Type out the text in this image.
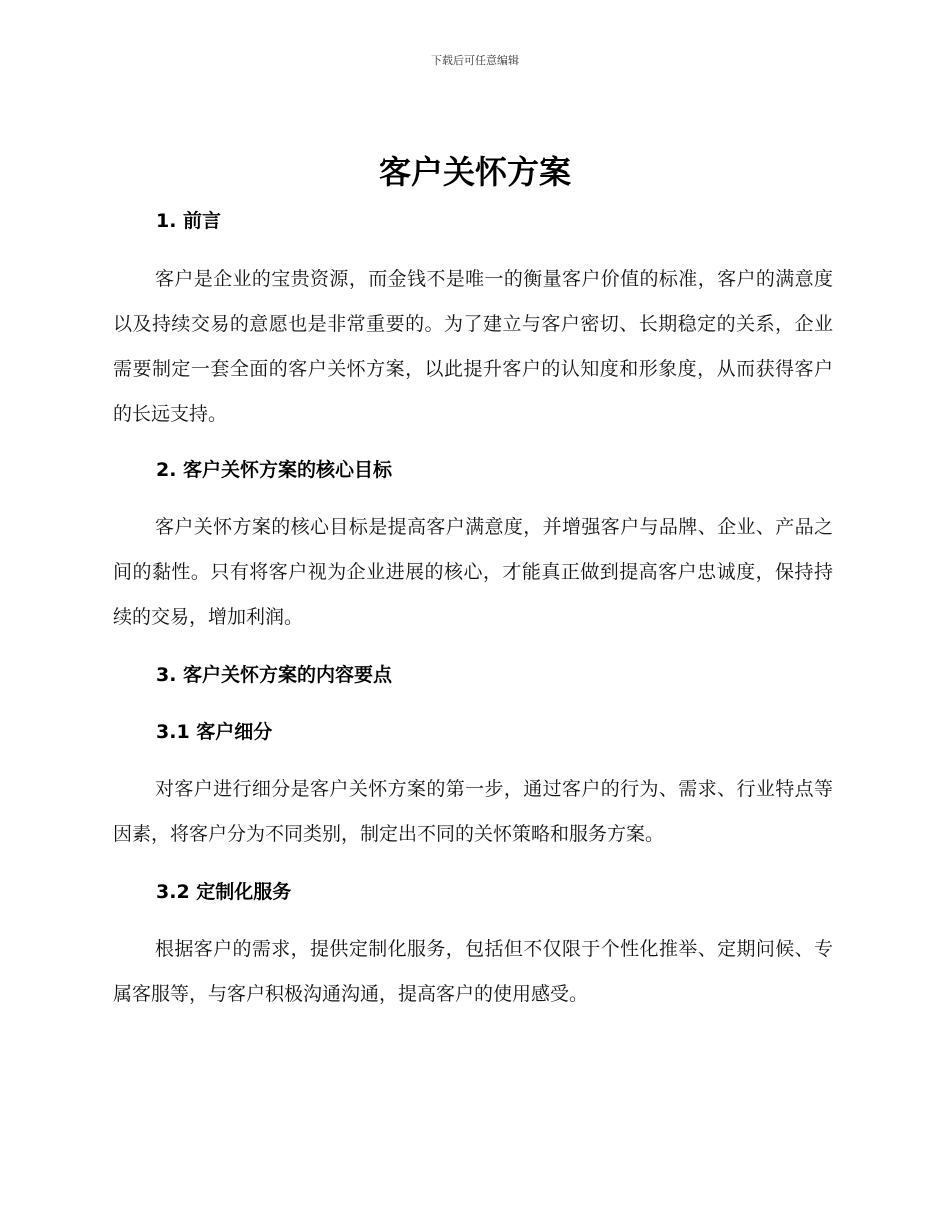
下载后可任意编辑
客户关怀方案
1. 前言

客户是企业的宝贵资源，而金钱不是唯一的衡量客户价值的标准，客户的满意度以及持续交易的意愿也是非常重要的。为了建立与客户密切、长期稳定的关系，企业需要制定一套全面的客户关怀方案，以此提升客户的认知度和形象度，从而获得客户的长远支持。

2. 客户关怀方案的核心目标

客户关怀方案的核心目标是提高客户满意度，并增强客户与品牌、企业、产品之间的黏性。只有将客户视为企业进展的核心，才能真正做到提高客户忠诚度，保持持续的交易，增加利润。

3. 客户关怀方案的内容要点
3.1 客户细分

对客户进行细分是客户关怀方案的第一步，通过客户的行为、需求、行业特点等因素，将客户分为不同类别，制定出不同的关怀策略和服务方案。

3.2 定制化服务

根据客户的需求，提供定制化服务，包括但不仅限于个性化推举、定期问候、专属客服等，与客户积极沟通沟通，提高客户的使用感受。
